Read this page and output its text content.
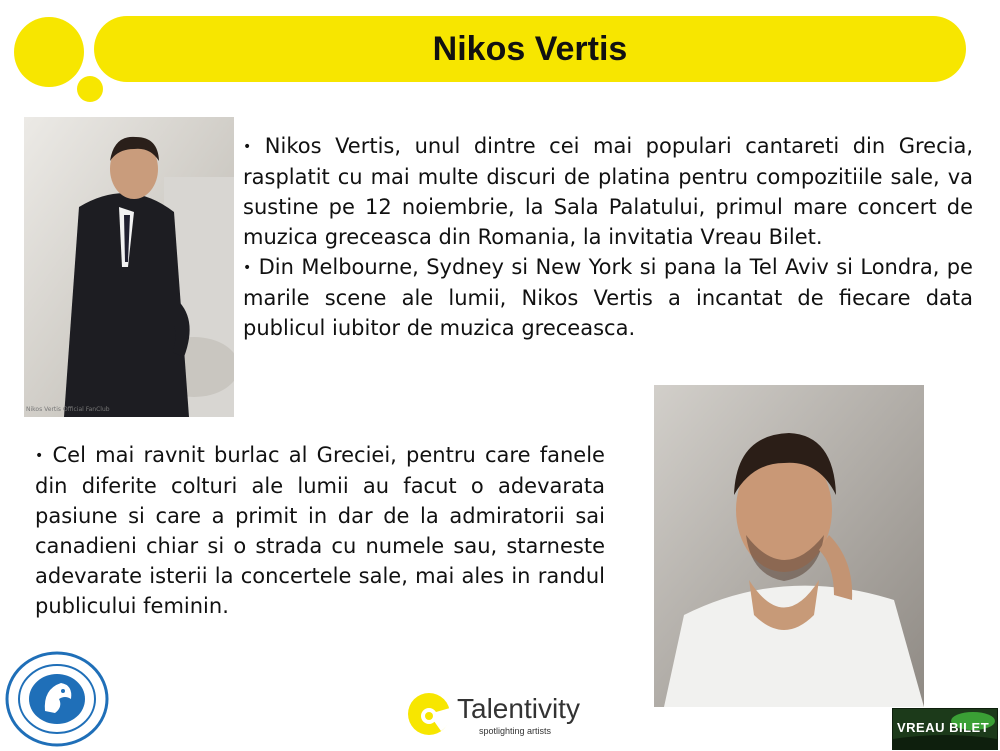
Nikos Vertis
Nikos Vertis Official FanClub

• Nikos Vertis, unul dintre cei mai populari cantareti din Grecia, rasplatit cu mai multe discuri de platina pentru compozitiile sale, va sustine pe 12 noiembrie, la Sala Palatului, primul mare concert de muzica greceasca din Romania, la invitatia Vreau Bilet.

• Din Melbourne, Sydney si New York si pana la Tel Aviv si Londra, pe marile scene ale lumii, Nikos Vertis a incantat de fiecare data publicul iubitor de muzica greceasca.

• Cel mai ravnit burlac al Greciei, pentru care fanele din diferite colturi ale lumii au facut o adevarata pasiune si care a primit in dar de la admiratorii sai canadieni chiar si o strada cu numele sau, starneste adevarate isterii la concertele sale, mai ales in randul publicului feminin.

Talentivity
spotlighting artists	VREAU BILET
